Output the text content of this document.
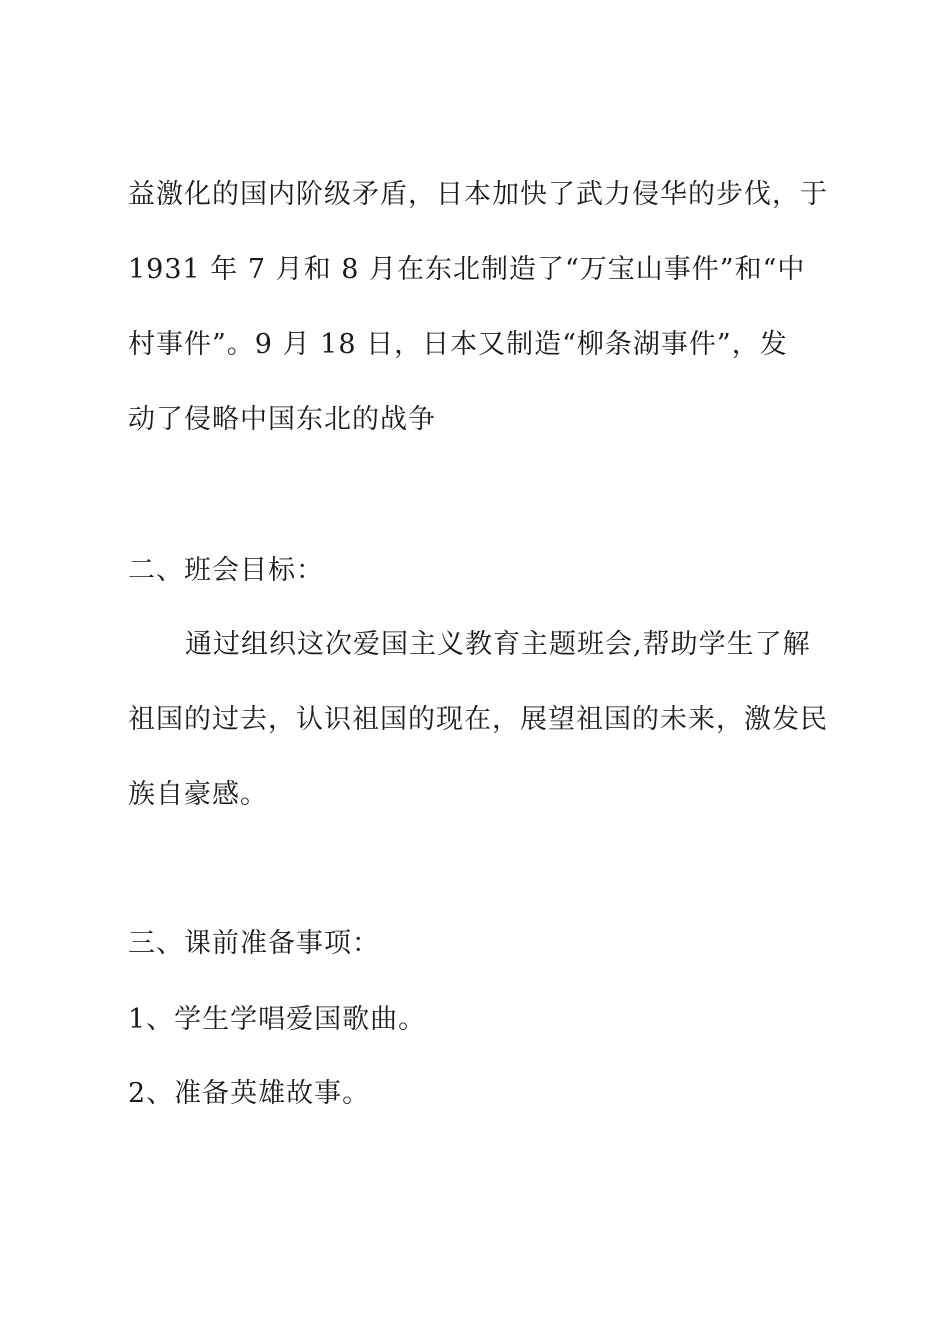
益激化的国内阶级矛盾，日本加快了武力侵华的步伐，于
1931 年 7 月和 8 月在东北制造了“万宝山事件”和“中
村事件”。9 月 18 日，日本又制造“柳条湖事件”，发
动了侵略中国东北的战争
二、班会目标：
通过组织这次爱国主义教育主题班会,帮助学生了解
祖国的过去，认识祖国的现在，展望祖国的未来，激发民
族自豪感。
三、课前准备事项：
1、学生学唱爱国歌曲。
2、准备英雄故事。
